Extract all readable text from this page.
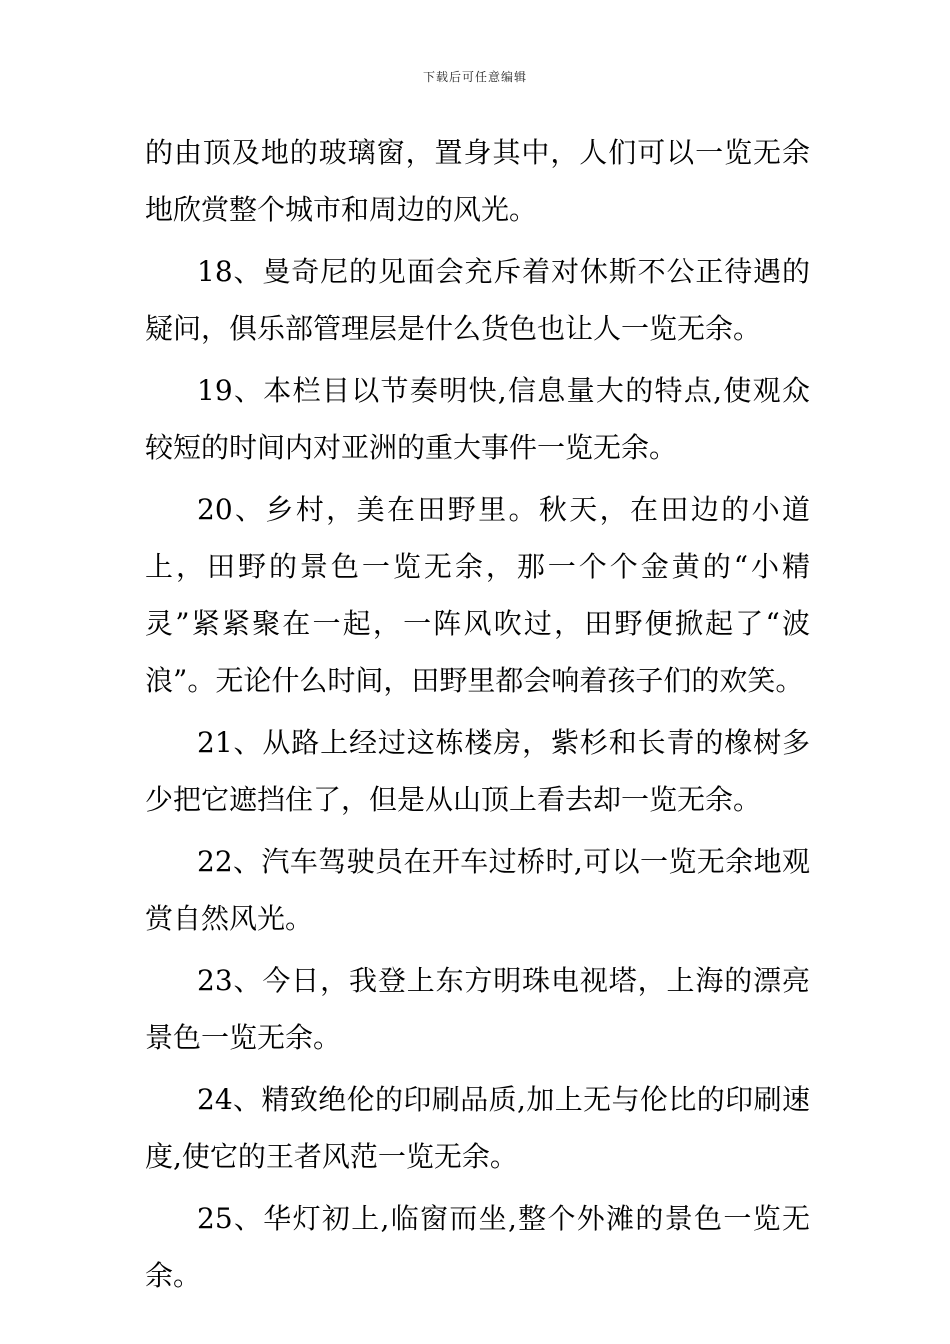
下载后可任意编辑

的由顶及地的玻璃窗，置身其中，人们可以一览无余地欣赏整个城市和周边的风光。

18、曼奇尼的见面会充斥着对休斯不公正待遇的疑问，俱乐部管理层是什么货色也让人一览无余。

19、本栏目以节奏明快,信息量大的特点,使观众较短的时间内对亚洲的重大事件一览无余。

20、乡村，美在田野里。秋天，在田边的小道上，田野的景色一览无余，那一个个金黄的“小精灵”紧紧聚在一起，一阵风吹过，田野便掀起了“波浪”。无论什么时间，田野里都会响着孩子们的欢笑。

21、从路上经过这栋楼房，紫杉和长青的橡树多少把它遮挡住了，但是从山顶上看去却一览无余。

22、汽车驾驶员在开车过桥时,可以一览无余地观赏自然风光。

23、今日，我登上东方明珠电视塔，上海的漂亮景色一览无余。

24、精致绝伦的印刷品质,加上无与伦比的印刷速度,使它的王者风范一览无余。

25、华灯初上,临窗而坐,整个外滩的景色一览无余。
